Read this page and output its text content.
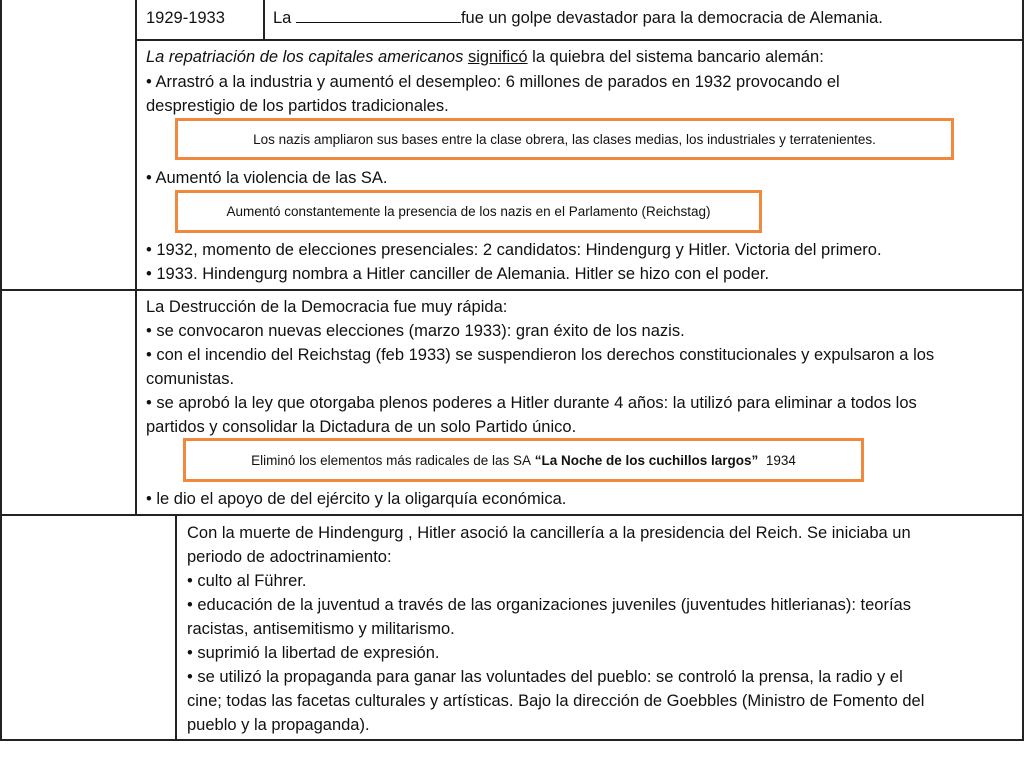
1929-1933	La	fue un golpe devastador para la democracia de Alemania.
La repatriación de los capitales americanos significó la quiebra del sistema bancario alemán:
• Arrastró a la industria y aumentó el desempleo: 6 millones de parados en 1932 provocando el
desprestigio de los partidos tradicionales.
Los nazis ampliaron sus bases entre la clase obrera, las clases medias, los industriales y terratenientes.
• Aumentó la violencia de las SA.
Aumentó constantemente la presencia de los nazis en el Parlamento (Reichstag)
• 1932, momento de elecciones presenciales: 2 candidatos: Hindengurg y Hitler. Victoria del primero.
• 1933. Hindengurg nombra a Hitler canciller de Alemania. Hitler se hizo con el poder.
La Destrucción de la Democracia fue muy rápida:
• se convocaron nuevas elecciones (marzo 1933): gran éxito de los nazis.
• con el incendio del Reichstag (feb 1933) se suspendieron los derechos constitucionales y expulsaron a los
comunistas.
• se aprobó la ley que otorgaba plenos poderes a Hitler durante 4 años: la utilizó para eliminar a todos los
partidos y consolidar la Dictadura de un solo Partido único.
Eliminó los elementos más radicales de las SA
“La Noche de los cuchillos largos”
1934
• le dio el apoyo de del ejército y la oligarquía económica.
Con la muerte de Hindengurg , Hitler asoció la cancillería a la presidencia del Reich. Se iniciaba un
periodo de adoctrinamiento:
• culto al Führer.
• educación de la juventud a través de las organizaciones juveniles (juventudes hitlerianas): teorías
racistas, antisemitismo y militarismo.
• suprimió la libertad de expresión.
• se utilizó la propaganda para ganar las voluntades del pueblo: se controló la prensa, la radio y el
cine; todas las facetas culturales y artísticas. Bajo la dirección de Goebbles (Ministro de Fomento del
pueblo y la propaganda).
